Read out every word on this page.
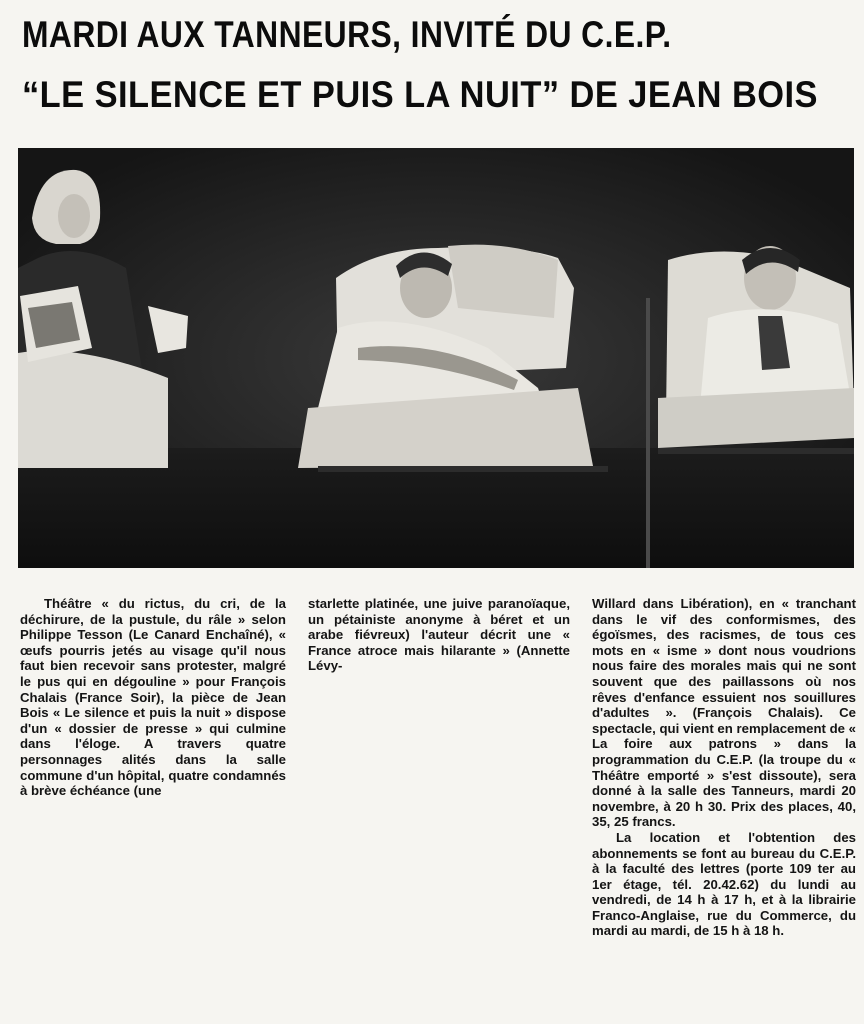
MARDI AUX TANNEURS, INVITÉ DU C.E.P.
“LE SILENCE ET PUIS LA NUIT” DE JEAN BOIS
Théâtre « du rictus, du cri, de la déchirure, de la pustule, du râle » selon Philippe Tesson (Le Canard Enchaîné), « œufs pourris jetés au visage qu'il nous faut bien recevoir sans protester, malgré le pus qui en dégouline » pour François Chalais (France Soir), la pièce de Jean Bois « Le silence et puis la nuit » dispose d'un « dossier de presse » qui culmine dans l'éloge. A travers quatre personnages alités dans la salle commune d'un hôpital, quatre condamnés à brève échéance (une
starlette platinée, une juive paranoïaque, un pétainiste anonyme à béret et un arabe fiévreux) l'auteur décrit une « France atroce mais hilarante » (Annette Lévy-

Willard dans Libération), en « tranchant dans le vif des conformismes, des égoïsmes, des racismes, de tous ces mots en « isme » dont nous voudrions nous faire des morales mais qui ne sont souvent que des paillassons où nos rêves d'enfance essuient nos souillures d'adultes ». (François Chalais). Ce spectacle, qui vient en remplacement de « La foire aux patrons » dans la programmation du C.E.P. (la troupe du « Théâtre emporté » s'est dissoute), sera donné à la salle des Tanneurs, mardi 20 novembre, à 20 h 30. Prix des places, 40, 35, 25 francs.

La location et l'obtention des abonnements se font au bureau du C.E.P. à la faculté des lettres (porte 109 ter au 1er étage, tél. 20.42.62) du lundi au vendredi, de 14 h à 17 h, et à la librairie Franco-Anglaise, rue du Commerce, du mardi au mardi, de 15 h à 18 h.
